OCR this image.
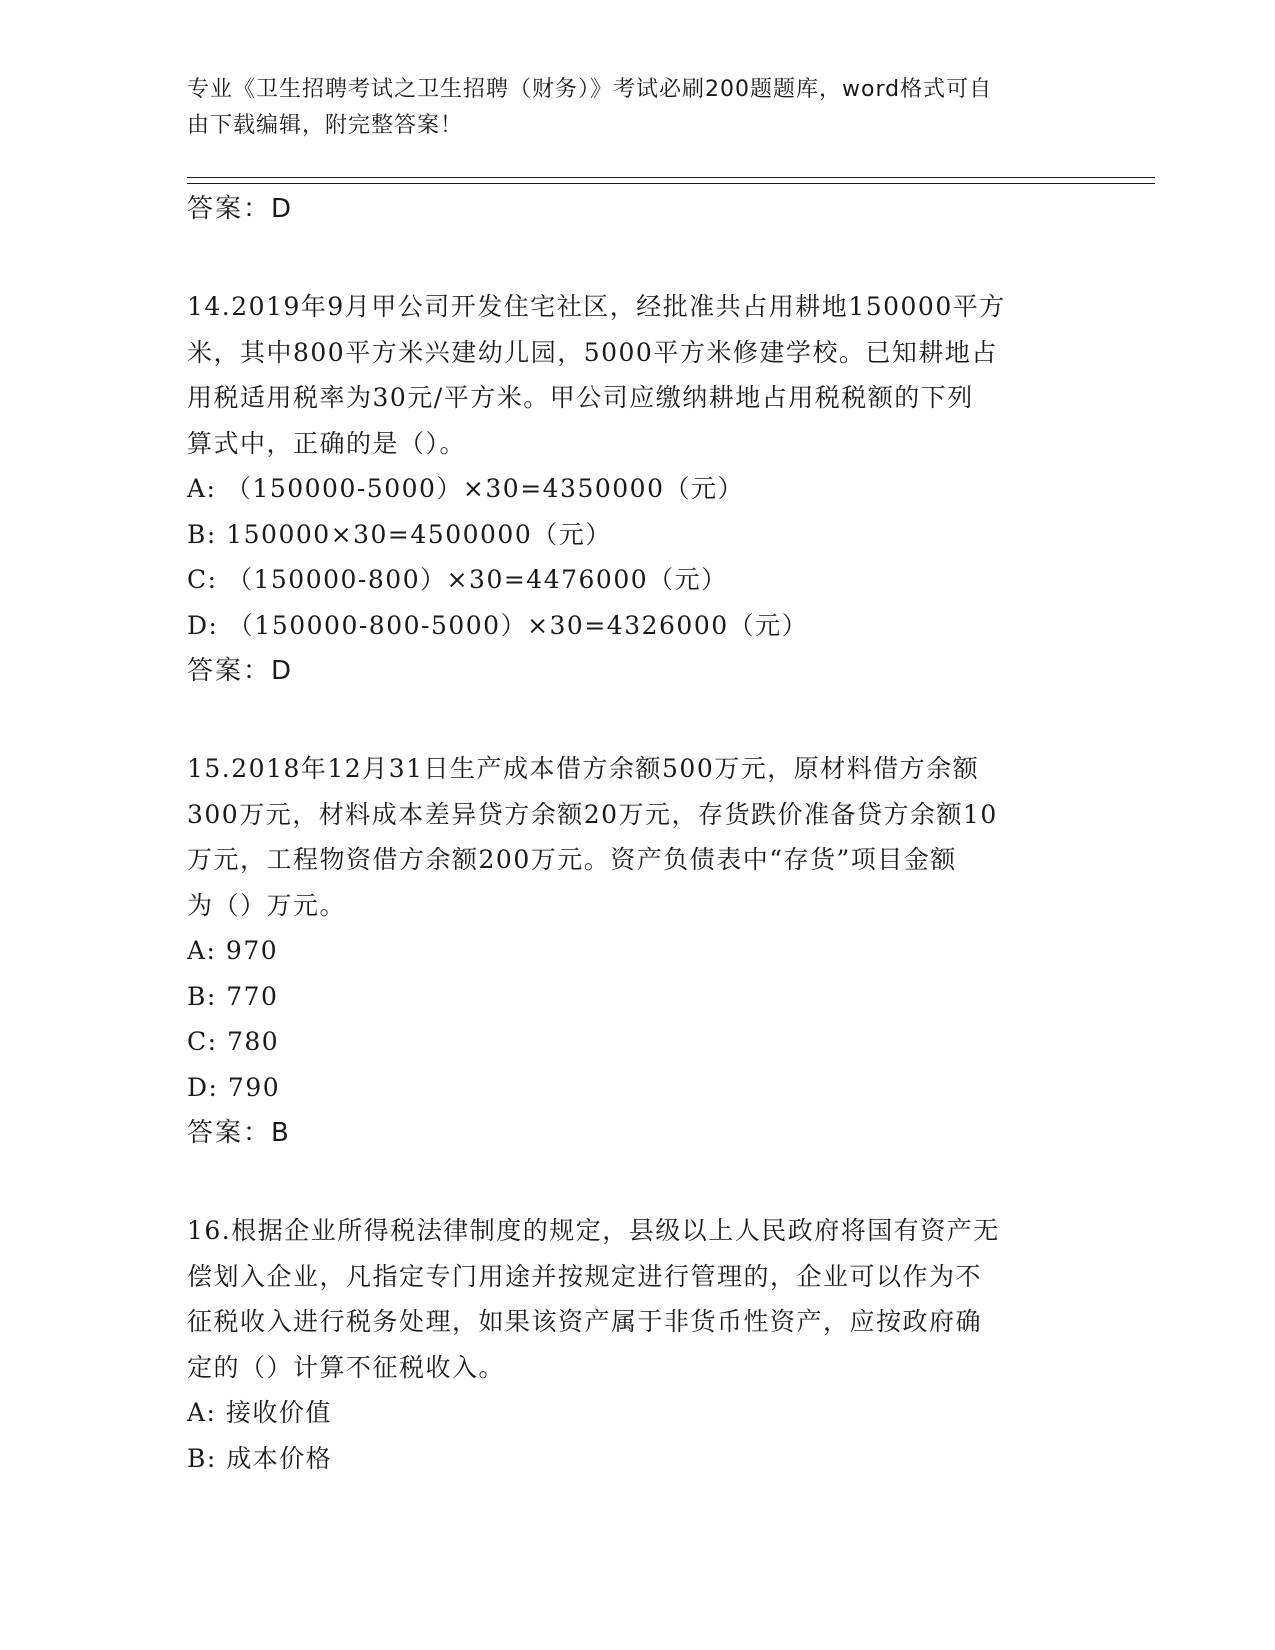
专业《卫生招聘考试之卫生招聘（财务）》考试必刷200题题库，word格式可自
由下载编辑，附完整答案！
答案：D
14.2019年9月甲公司开发住宅社区，经批准共占用耕地150000平方
米，其中800平方米兴建幼儿园，5000平方米修建学校。已知耕地占
用税适用税率为30元/平方米。甲公司应缴纳耕地占用税税额的下列
算式中，正确的是（）。
A: （150000-5000）×30=4350000（元）
B: 150000×30=4500000（元）
C: （150000-800）×30=4476000（元）
D: （150000-800-5000）×30=4326000（元）
答案：D
15.2018年12月31日生产成本借方余额500万元，原材料借方余额
300万元，材料成本差异贷方余额20万元，存货跌价准备贷方余额10
万元，工程物资借方余额200万元。资产负债表中“存货”项目金额
为（）万元。
A: 970
B: 770
C: 780
D: 790
答案：B
16.根据企业所得税法律制度的规定，县级以上人民政府将国有资产无
偿划入企业，凡指定专门用途并按规定进行管理的，企业可以作为不
征税收入进行税务处理，如果该资产属于非货币性资产，应按政府确
定的（）计算不征税收入。
A: 接收价值
B: 成本价格
